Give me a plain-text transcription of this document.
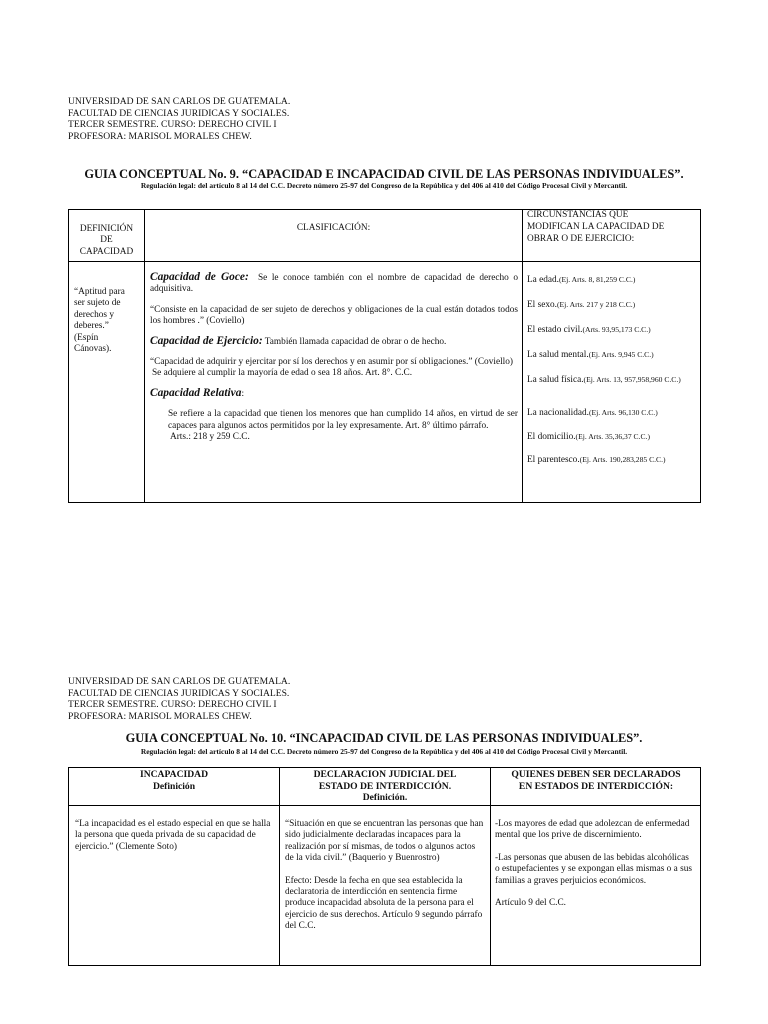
UNIVERSIDAD DE SAN CARLOS DE GUATEMALA.
FACULTAD DE CIENCIAS JURIDICAS Y SOCIALES.
TERCER SEMESTRE. CURSO: DERECHO CIVIL I
PROFESORA: MARISOL MORALES CHEW.
GUIA CONCEPTUAL No. 9. “CAPACIDAD E INCAPACIDAD CIVIL DE LAS PERSONAS INDIVIDUALES”.
Regulación legal: del artículo 8 al 14 del C.C. Decreto número 25-97 del Congreso de la República y del 406 al 410 del Código Procesal Civil y Mercantil.
DEFINICIÓN
DE
CAPACIDAD
CLASIFICACIÓN:
CIRCUNSTANCIAS QUE
MODIFICAN LA CAPACIDAD DE
OBRAR O DE EJERCICIO:
“Aptitud para
ser sujeto de
derechos y
deberes.”
(Espín
Cánovas).

Capacidad de Goce: Se le conoce también con el nombre de capacidad de derecho o adquisitiva.

“Consiste en la capacidad de ser sujeto de derechos y obligaciones de la cual están dotados todos los hombres .” (Coviello)

Capacidad de Ejercicio: También llamada capacidad de obrar o de hecho.

“Capacidad de adquirir y ejercitar por sí los derechos y en asumir por sí obligaciones.” (Coviello)

Se adquiere al cumplir la mayoría de edad o sea 18 años. Art. 8°. C.C.

Capacidad Relativa:

Se refiere a la capacidad que tienen los menores que han cumplido 14 años, en virtud de ser capaces para algunos actos permitidos por la ley expresamente. Art. 8° último párrafo.

Arts.: 218 y 259 C.C.

La edad.(Ej. Arts. 8, 81,259 C.C.)
El sexo.(Ej. Arts. 217 y 218 C.C.)
El estado civil.(Arts. 93,95,173 C.C.)
La salud mental.(Ej. Arts. 9,945 C.C.)
La salud física.(Ej. Arts. 13, 957,958,960 C.C.)
La nacionalidad.(Ej. Arts. 96,130 C.C.)
El domicilio.(Ej. Arts. 35,36,37 C.C.)
El parentesco.(Ej. Arts. 190,283,285 C.C.)
UNIVERSIDAD DE SAN CARLOS DE GUATEMALA.
FACULTAD DE CIENCIAS JURIDICAS Y SOCIALES.
TERCER SEMESTRE. CURSO: DERECHO CIVIL I
PROFESORA: MARISOL MORALES CHEW.
GUIA CONCEPTUAL No. 10. “INCAPACIDAD CIVIL DE LAS PERSONAS INDIVIDUALES”.
Regulación legal: del artículo 8 al 14 del C.C. Decreto número 25-97 del Congreso de la República y del 406 al 410 del Código Procesal Civil y Mercantil.
INCAPACIDAD
Definición
DECLARACION JUDICIAL DEL
ESTADO DE INTERDICCIÓN.
Definición.
QUIENES DEBEN SER DECLARADOS
EN ESTADOS DE INTERDICCIÓN:
“La incapacidad es el estado especial en que se halla la persona que queda privada de su capacidad de ejercicio.” (Clemente Soto)

“Situación en que se encuentran las personas que han sido judicialmente declaradas incapaces para la realización por sí mismas, de todos o algunos actos de la vida civil.” (Baquerio y Buenrostro)

Efecto: Desde la fecha en que sea establecida la declaratoria de interdicción en sentencia firme produce incapacidad absoluta de la persona para el ejercicio de sus derechos. Artículo 9 segundo párrafo del C.C.

-Los mayores de edad que adolezcan de enfermedad mental que los prive de discernimiento.

-Las personas que abusen de las bebidas alcohólicas o estupefacientes y se expongan ellas mismas o a sus familias a graves perjuicios económicos.

Artículo 9 del C.C.
